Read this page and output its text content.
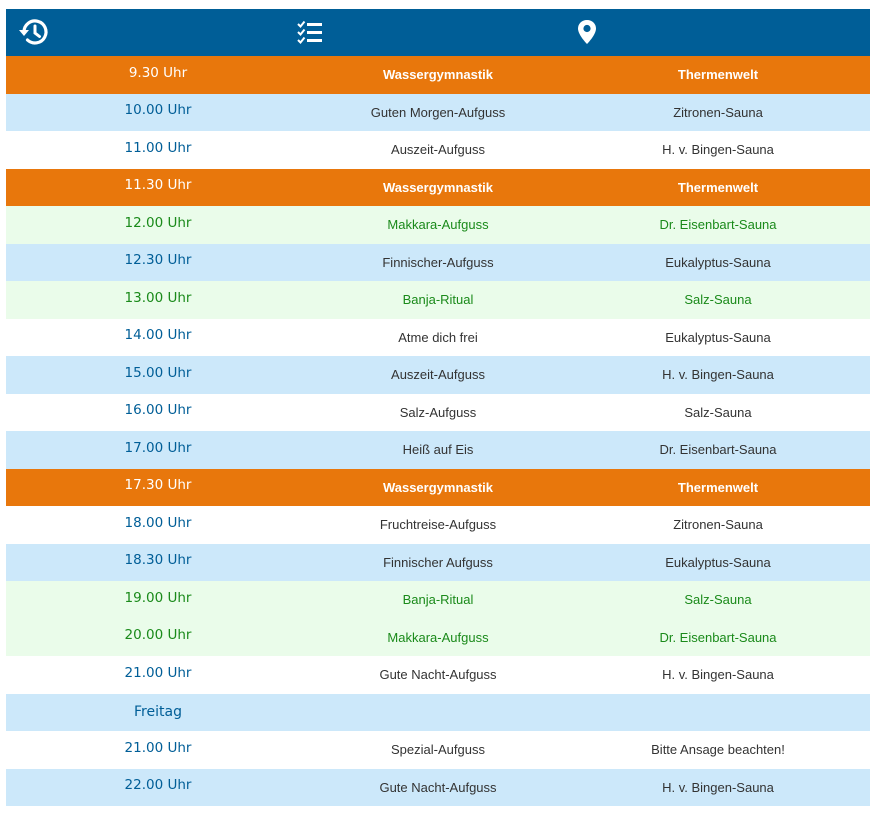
9.30 Uhr	Wassergymnastik	Thermenwelt
10.00 Uhr	Guten Morgen-Aufguss	Zitronen-Sauna
11.00 Uhr	Auszeit-Aufguss	H. v. Bingen-Sauna
11.30 Uhr	Wassergymnastik	Thermenwelt
12.00 Uhr	Makkara-Aufguss	Dr. Eisenbart-Sauna
12.30 Uhr	Finnischer-Aufguss	Eukalyptus-Sauna
13.00 Uhr	Banja-Ritual	Salz-Sauna
14.00 Uhr	Atme dich frei	Eukalyptus-Sauna
15.00 Uhr	Auszeit-Aufguss	H. v. Bingen-Sauna
16.00 Uhr	Salz-Aufguss	Salz-Sauna
17.00 Uhr	Heiß auf Eis	Dr. Eisenbart-Sauna
17.30 Uhr	Wassergymnastik	Thermenwelt
18.00 Uhr	Fruchtreise-Aufguss	Zitronen-Sauna
18.30 Uhr	Finnischer Aufguss	Eukalyptus-Sauna
19.00 Uhr	Banja-Ritual	Salz-Sauna
20.00 Uhr	Makkara-Aufguss	Dr. Eisenbart-Sauna
21.00 Uhr	Gute Nacht-Aufguss	H. v. Bingen-Sauna
Freitag
21.00 Uhr	Spezial-Aufguss	Bitte Ansage beachten!
22.00 Uhr	Gute Nacht-Aufguss	H. v. Bingen-Sauna
